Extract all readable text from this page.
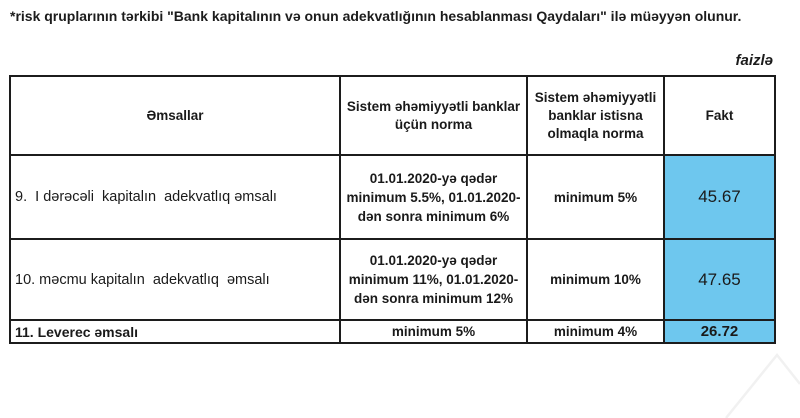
*risk qruplarının tərkibi "Bank kapitalının və onun adekvatlığının hesablanması Qaydaları" ilə müəyyən olunur.

faizlə
Əmsallar	Sistem əhəmiyyətli banklar üçün norma	Sistem əhəmiyyətli banklar istisna olmaqla norma	Fakt
9.  I dərəcəli  kapitalın  adekvatlıq əmsalı	01.01.2020-yə qədər minimum 5.5%, 01.01.2020-dən sonra minimum 6%	minimum 5%	45.67
10. məcmu kapitalın  adekvatlıq  əmsalı	01.01.2020-yə qədər minimum 11%, 01.01.2020-dən sonra minimum 12%	minimum 10%	47.65
11. Leverec əmsalı	minimum 5%	minimum 4%	26.72
